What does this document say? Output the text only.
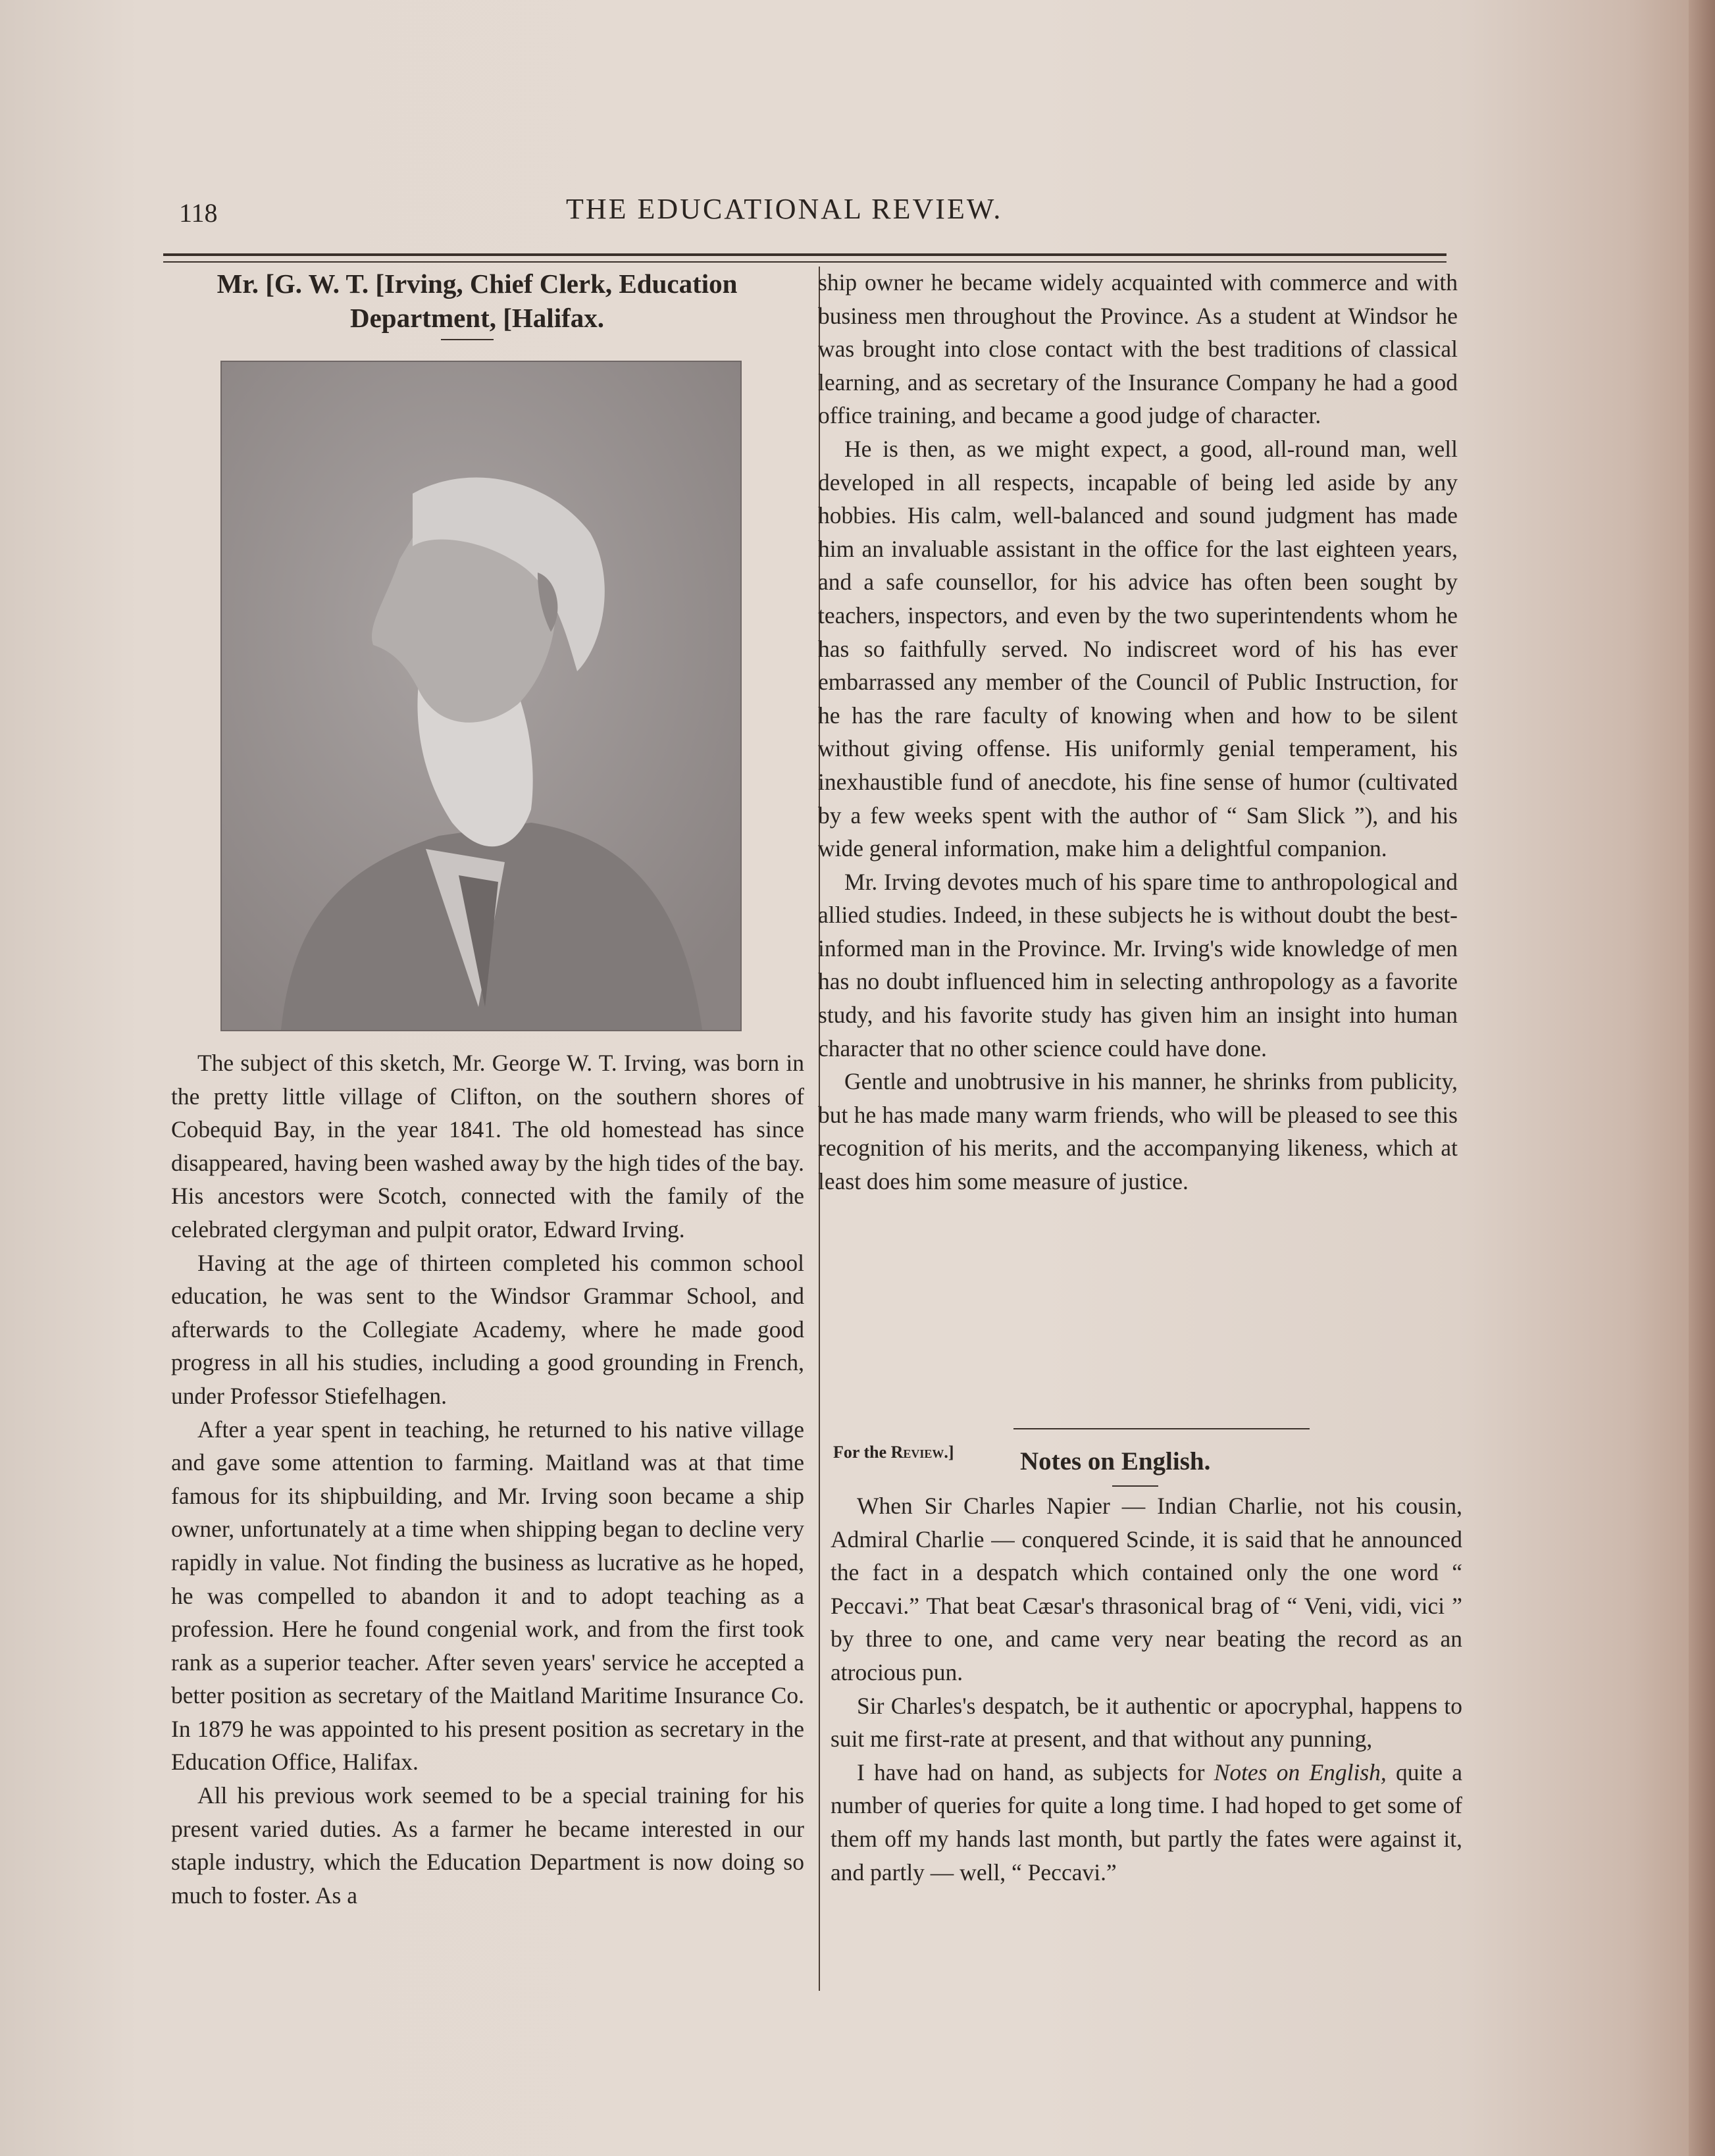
118	THE EDUCATIONAL REVIEW.
Mr. [G. W. T. [Irving, Chief Clerk, Education
Department, [Halifax.

The subject of this sketch, Mr. George W. T. Irving, was born in the pretty little village of Clifton, on the southern shores of Cobequid Bay, in the year 1841. The old homestead has since disappeared, having been washed away by the high tides of the bay. His ancestors were Scotch, connected with the family of the celebrated clergyman and pulpit orator, Edward Irving.

Having at the age of thirteen completed his common school education, he was sent to the Windsor Grammar School, and afterwards to the Collegiate Academy, where he made good progress in all his studies, including a good grounding in French, under Professor Stiefelhagen.

After a year spent in teaching, he returned to his native village and gave some attention to farming. Maitland was at that time famous for its shipbuilding, and Mr. Irving soon became a ship owner, unfortunately at a time when shipping began to decline very rapidly in value. Not finding the business as lucrative as he hoped, he was compelled to abandon it and to adopt teaching as a profession. Here he found congenial work, and from the first took rank as a superior teacher. After seven years' service he accepted a better position as secretary of the Maitland Maritime Insurance Co. In 1879 he was appointed to his present position as secretary in the Education Office, Halifax.

All his previous work seemed to be a special training for his present varied duties. As a farmer he became interested in our staple industry, which the Education Department is now doing so much to foster. As a

ship owner he became widely acquainted with commerce and with business men throughout the Province. As a student at Windsor he was brought into close contact with the best traditions of classical learning, and as secretary of the Insurance Company he had a good office training, and became a good judge of character.

He is then, as we might expect, a good, all-round man, well developed in all respects, incapable of being led aside by any hobbies. His calm, well-balanced and sound judgment has made him an invaluable assistant in the office for the last eighteen years, and a safe counsellor, for his advice has often been sought by teachers, inspectors, and even by the two superintendents whom he has so faithfully served. No indiscreet word of his has ever embarrassed any member of the Council of Public Instruction, for he has the rare faculty of knowing when and how to be silent without giving offense. His uniformly genial temperament, his inexhaustible fund of anecdote, his fine sense of humor (cultivated by a few weeks spent with the author of “ Sam Slick ”), and his wide general information, make him a delightful companion.

Mr. Irving devotes much of his spare time to anthropological and allied studies. Indeed, in these subjects he is without doubt the best-informed man in the Province. Mr. Irving's wide knowledge of men has no doubt influenced him in selecting anthropology as a favorite study, and his favorite study has given him an insight into human character that no other science could have done.

Gentle and unobtrusive in his manner, he shrinks from publicity, but he has made many warm friends, who will be pleased to see this recognition of his merits, and the accompanying likeness, which at least does him some measure of justice.

For the Review.]	Notes on English.

When Sir Charles Napier — Indian Charlie, not his cousin, Admiral Charlie — conquered Scinde, it is said that he announced the fact in a despatch which contained only the one word “ Peccavi.” That beat Cæsar's thrasonical brag of “ Veni, vidi, vici ” by three to one, and came very near beating the record as an atrocious pun.

Sir Charles's despatch, be it authentic or apocryphal, happens to suit me first-rate at present, and that without any punning,

I have had on hand, as subjects for Notes on English, quite a number of queries for quite a long time. I had hoped to get some of them off my hands last month, but partly the fates were against it, and partly — well, “ Peccavi.”
